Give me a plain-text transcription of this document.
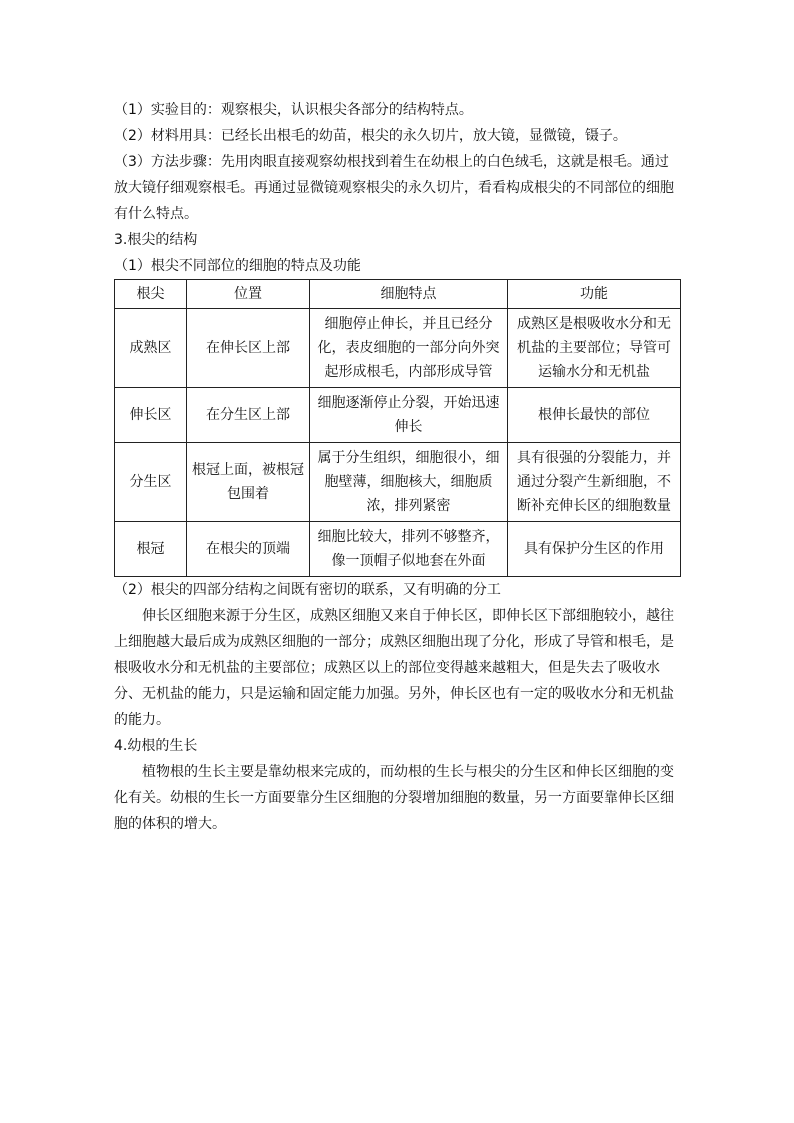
（1）实验目的：观察根尖，认识根尖各部分的结构特点。

（2）材料用具：已经长出根毛的幼苗，根尖的永久切片，放大镜，显微镜，镊子。

（3）方法步骤：先用肉眼直接观察幼根找到着生在幼根上的白色绒毛，这就是根毛。通过放大镜仔细观察根毛。再通过显微镜观察根尖的永久切片，看看构成根尖的不同部位的细胞有什么特点。

3.根尖的结构

（1）根尖不同部位的细胞的特点及功能

根尖	位置	细胞特点	功能
成熟区	在伸长区上部	细胞停止伸长，并且已经分化，表皮细胞的一部分向外突起形成根毛，内部形成导管	成熟区是根吸收水分和无机盐的主要部位；导管可运输水分和无机盐
伸长区	在分生区上部	细胞逐渐停止分裂，开始迅速伸长	根伸长最快的部位
分生区	根冠上面，被根冠包围着	属于分生组织，细胞很小，细胞壁薄，细胞核大，细胞质浓，排列紧密	具有很强的分裂能力，并通过分裂产生新细胞，不断补充伸长区的细胞数量
根冠	在根尖的顶端	细胞比较大，排列不够整齐，像一顶帽子似地套在外面	具有保护分生区的作用

（2）根尖的四部分结构之间既有密切的联系，又有明确的分工

伸长区细胞来源于分生区，成熟区细胞又来自于伸长区，即伸长区下部细胞较小，越往上细胞越大最后成为成熟区细胞的一部分；成熟区细胞出现了分化，形成了导管和根毛，是根吸收水分和无机盐的主要部位；成熟区以上的部位变得越来越粗大，但是失去了吸收水分、无机盐的能力，只是运输和固定能力加强。另外，伸长区也有一定的吸收水分和无机盐的能力。

4.幼根的生长

植物根的生长主要是靠幼根来完成的，而幼根的生长与根尖的分生区和伸长区细胞的变化有关。幼根的生长一方面要靠分生区细胞的分裂增加细胞的数量，另一方面要靠伸长区细胞的体积的增大。
